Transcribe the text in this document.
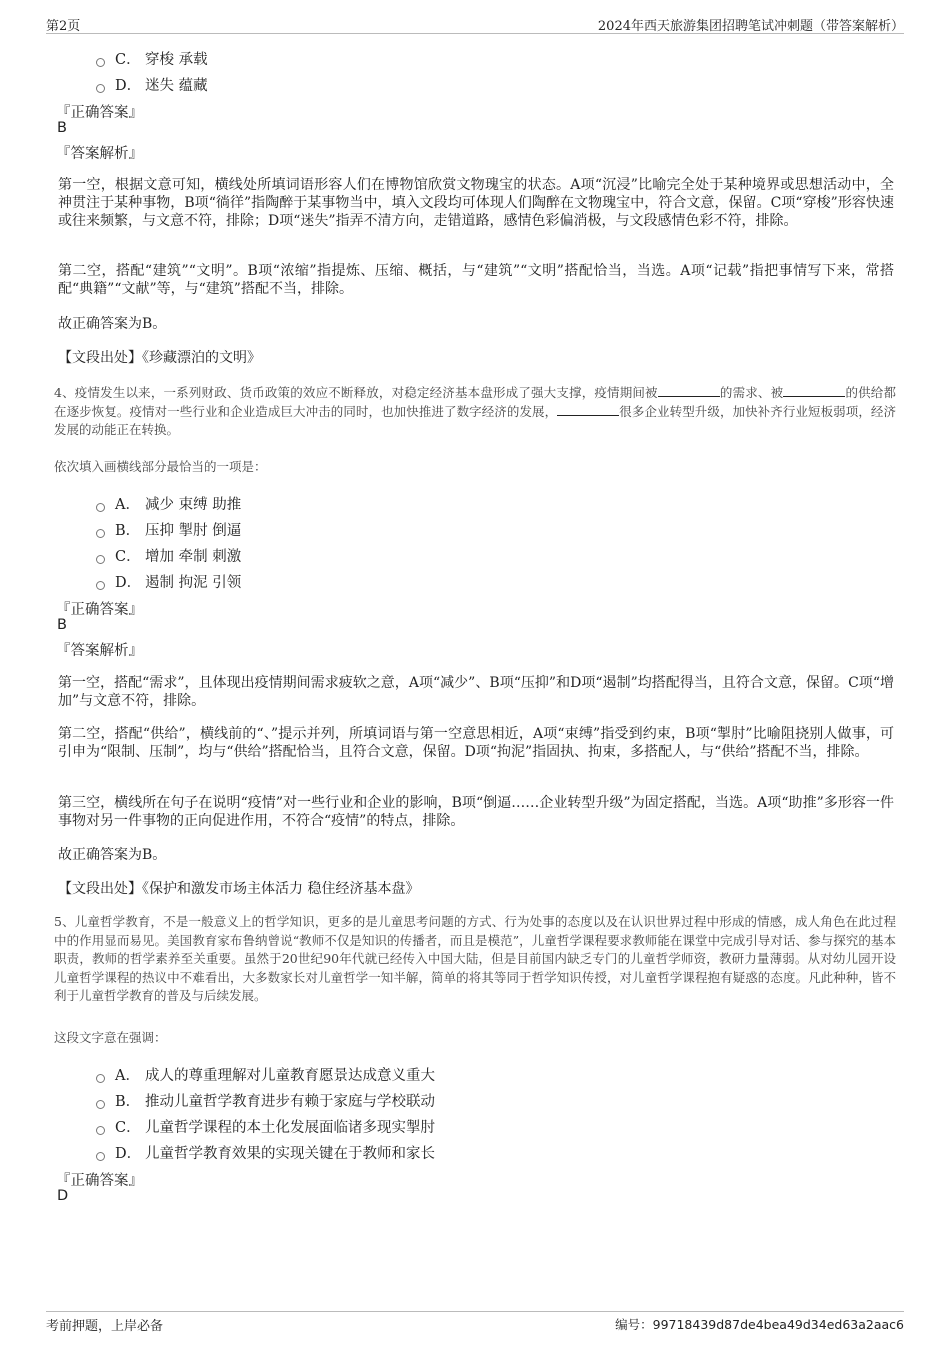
第2页	2024年西天旅游集团招聘笔试冲刺题（带答案解析）
C． 穿梭 承载
D． 迷失 蕴藏
『正确答案』
B
『答案解析』
第一空，根据文意可知，横线处所填词语形容人们在博物馆欣赏文物瑰宝的状态。A项“沉浸”比喻完全处于某种境界或思想活动中，全神贯注于某种事物，B项“徜徉”指陶醉于某事物当中，填入文段均可体现人们陶醉在文物瑰宝中，符合文意，保留。C项“穿梭”形容快速或往来频繁，与文意不符，排除；D项“迷失”指弄不清方向，走错道路，感情色彩偏消极，与文段感情色彩不符，排除。
第二空，搭配“建筑”“文明”。B项“浓缩”指提炼、压缩、概括，与“建筑”“文明”搭配恰当，当选。A项“记载”指把事情写下来，常搭配“典籍”“文献”等，与“建筑”搭配不当，排除。
故正确答案为B。
【文段出处】《珍藏漂泊的文明》
4、疫情发生以来，一系列财政、货币政策的效应不断释放，对稳定经济基本盘形成了强大支撑，疫情期间被	的需求、被	的供给都在逐步恢复。疫情对一些行业和企业造成巨大冲击的同时，也加快推进了数字经济的发展，	很多企业转型升级，加快补齐行业短板弱项，经济发展的动能正在转换。
依次填入画横线部分最恰当的一项是：
A． 减少 束缚 助推
B． 压抑 掣肘 倒逼
C． 增加 牵制 刺激
D． 遏制 拘泥 引领
『正确答案』
B
『答案解析』
第一空，搭配“需求”，且体现出疫情期间需求疲软之意，A项“减少”、B项“压抑”和D项“遏制”均搭配得当，且符合文意，保留。C项“增加”与文意不符，排除。
第二空，搭配“供给”，横线前的“、”提示并列，所填词语与第一空意思相近，A项“束缚”指受到约束，B项“掣肘”比喻阻挠别人做事，可引申为“限制、压制”，均与“供给”搭配恰当，且符合文意，保留。D项“拘泥”指固执、拘束，多搭配人，与“供给”搭配不当，排除。
第三空，横线所在句子在说明“疫情”对一些行业和企业的影响，B项“倒逼……企业转型升级”为固定搭配，当选。A项“助推”多形容一件事物对另一件事物的正向促进作用，不符合“疫情”的特点，排除。
故正确答案为B。
【文段出处】《保护和激发市场主体活力 稳住经济基本盘》
5、儿童哲学教育，不是一般意义上的哲学知识，更多的是儿童思考问题的方式、行为处事的态度以及在认识世界过程中形成的情感，成人角色在此过程中的作用显而易见。美国教育家布鲁纳曾说“教师不仅是知识的传播者，而且是模范”，儿童哲学课程要求教师能在课堂中完成引导对话、参与探究的基本职责，教师的哲学素养至关重要。虽然于20世纪90年代就已经传入中国大陆，但是目前国内缺乏专门的儿童哲学师资，教研力量薄弱。从对幼儿园开设儿童哲学课程的热议中不难看出，大多数家长对儿童哲学一知半解，简单的将其等同于哲学知识传授，对儿童哲学课程抱有疑惑的态度。凡此种种，皆不利于儿童哲学教育的普及与后续发展。
这段文字意在强调：
A． 成人的尊重理解对儿童教育愿景达成意义重大
B． 推动儿童哲学教育进步有赖于家庭与学校联动
C． 儿童哲学课程的本土化发展面临诸多现实掣肘
D． 儿童哲学教育效果的实现关键在于教师和家长
『正确答案』
D
考前押题，上岸必备	编号：99718439d87de4bea49d34ed63a2aac6
